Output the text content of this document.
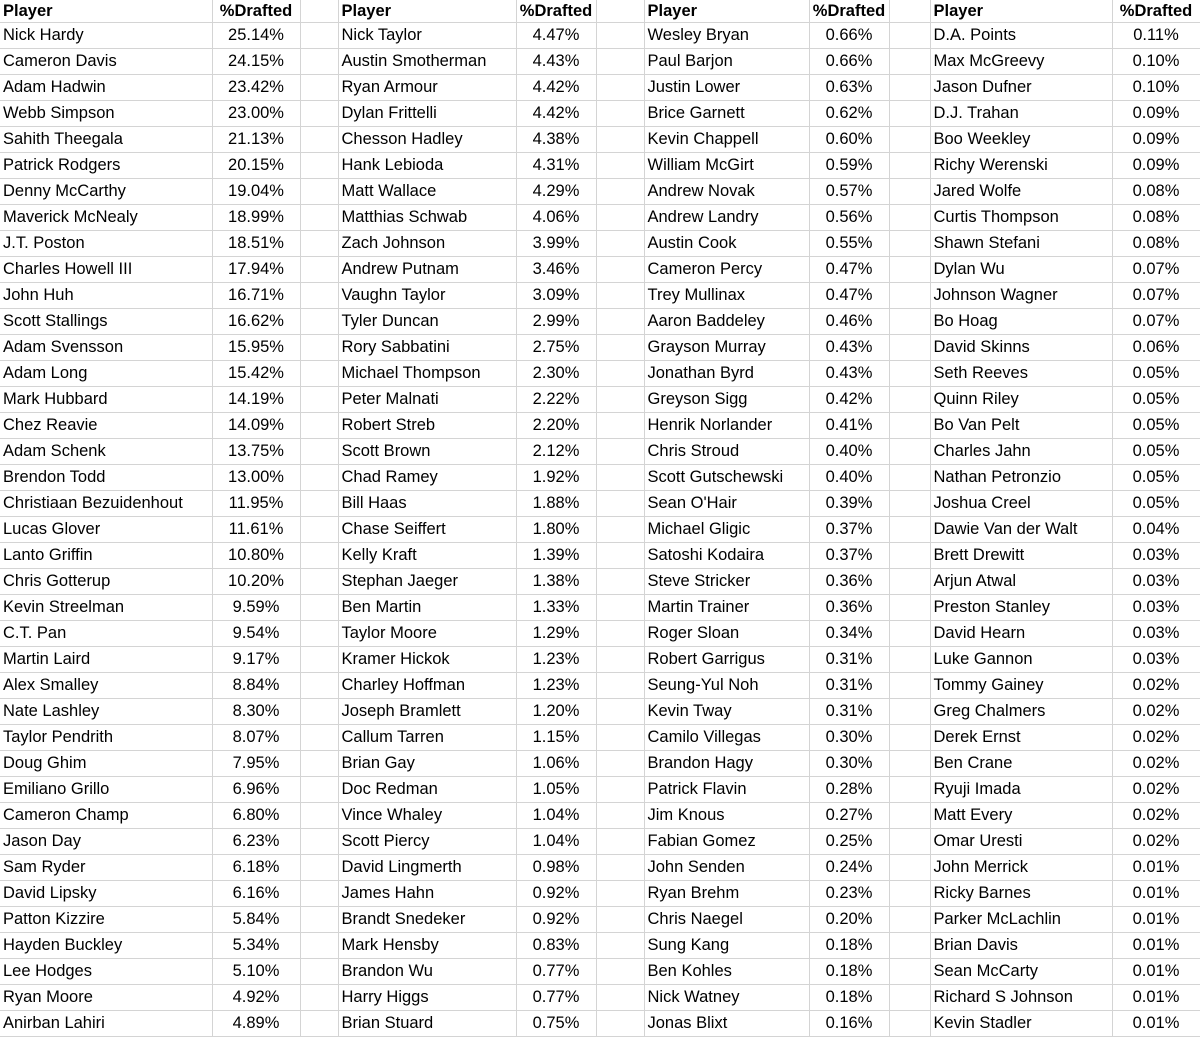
Player	%Drafted		Player	%Drafted		Player	%Drafted		Player	%Drafted
Nick Hardy	25.14%		Nick Taylor	4.47%		Wesley Bryan	0.66%		D.A. Points	0.11%
Cameron Davis	24.15%		Austin Smotherman	4.43%		Paul Barjon	0.66%		Max McGreevy	0.10%
Adam Hadwin	23.42%		Ryan Armour	4.42%		Justin Lower	0.63%		Jason Dufner	0.10%
Webb Simpson	23.00%		Dylan Frittelli	4.42%		Brice Garnett	0.62%		D.J. Trahan	0.09%
Sahith Theegala	21.13%		Chesson Hadley	4.38%		Kevin Chappell	0.60%		Boo Weekley	0.09%
Patrick Rodgers	20.15%		Hank Lebioda	4.31%		William McGirt	0.59%		Richy Werenski	0.09%
Denny McCarthy	19.04%		Matt Wallace	4.29%		Andrew Novak	0.57%		Jared Wolfe	0.08%
Maverick McNealy	18.99%		Matthias Schwab	4.06%		Andrew Landry	0.56%		Curtis Thompson	0.08%
J.T. Poston	18.51%		Zach Johnson	3.99%		Austin Cook	0.55%		Shawn Stefani	0.08%
Charles Howell III	17.94%		Andrew Putnam	3.46%		Cameron Percy	0.47%		Dylan Wu	0.07%
John Huh	16.71%		Vaughn Taylor	3.09%		Trey Mullinax	0.47%		Johnson Wagner	0.07%
Scott Stallings	16.62%		Tyler Duncan	2.99%		Aaron Baddeley	0.46%		Bo Hoag	0.07%
Adam Svensson	15.95%		Rory Sabbatini	2.75%		Grayson Murray	0.43%		David Skinns	0.06%
Adam Long	15.42%		Michael Thompson	2.30%		Jonathan Byrd	0.43%		Seth Reeves	0.05%
Mark Hubbard	14.19%		Peter Malnati	2.22%		Greyson Sigg	0.42%		Quinn Riley	0.05%
Chez Reavie	14.09%		Robert Streb	2.20%		Henrik Norlander	0.41%		Bo Van Pelt	0.05%
Adam Schenk	13.75%		Scott Brown	2.12%		Chris Stroud	0.40%		Charles Jahn	0.05%
Brendon Todd	13.00%		Chad Ramey	1.92%		Scott Gutschewski	0.40%		Nathan Petronzio	0.05%
Christiaan Bezuidenhout	11.95%		Bill Haas	1.88%		Sean O'Hair	0.39%		Joshua Creel	0.05%
Lucas Glover	11.61%		Chase Seiffert	1.80%		Michael Gligic	0.37%		Dawie Van der Walt	0.04%
Lanto Griffin	10.80%		Kelly Kraft	1.39%		Satoshi Kodaira	0.37%		Brett Drewitt	0.03%
Chris Gotterup	10.20%		Stephan Jaeger	1.38%		Steve Stricker	0.36%		Arjun Atwal	0.03%
Kevin Streelman	9.59%		Ben Martin	1.33%		Martin Trainer	0.36%		Preston Stanley	0.03%
C.T. Pan	9.54%		Taylor Moore	1.29%		Roger Sloan	0.34%		David Hearn	0.03%
Martin Laird	9.17%		Kramer Hickok	1.23%		Robert Garrigus	0.31%		Luke Gannon	0.03%
Alex Smalley	8.84%		Charley Hoffman	1.23%		Seung-Yul Noh	0.31%		Tommy Gainey	0.02%
Nate Lashley	8.30%		Joseph Bramlett	1.20%		Kevin Tway	0.31%		Greg Chalmers	0.02%
Taylor Pendrith	8.07%		Callum Tarren	1.15%		Camilo Villegas	0.30%		Derek Ernst	0.02%
Doug Ghim	7.95%		Brian Gay	1.06%		Brandon Hagy	0.30%		Ben Crane	0.02%
Emiliano Grillo	6.96%		Doc Redman	1.05%		Patrick Flavin	0.28%		Ryuji Imada	0.02%
Cameron Champ	6.80%		Vince Whaley	1.04%		Jim Knous	0.27%		Matt Every	0.02%
Jason Day	6.23%		Scott Piercy	1.04%		Fabian Gomez	0.25%		Omar Uresti	0.02%
Sam Ryder	6.18%		David Lingmerth	0.98%		John Senden	0.24%		John Merrick	0.01%
David Lipsky	6.16%		James Hahn	0.92%		Ryan Brehm	0.23%		Ricky Barnes	0.01%
Patton Kizzire	5.84%		Brandt Snedeker	0.92%		Chris Naegel	0.20%		Parker McLachlin	0.01%
Hayden Buckley	5.34%		Mark Hensby	0.83%		Sung Kang	0.18%		Brian Davis	0.01%
Lee Hodges	5.10%		Brandon Wu	0.77%		Ben Kohles	0.18%		Sean McCarty	0.01%
Ryan Moore	4.92%		Harry Higgs	0.77%		Nick Watney	0.18%		Richard S Johnson	0.01%
Anirban Lahiri	4.89%		Brian Stuard	0.75%		Jonas Blixt	0.16%		Kevin Stadler	0.01%
